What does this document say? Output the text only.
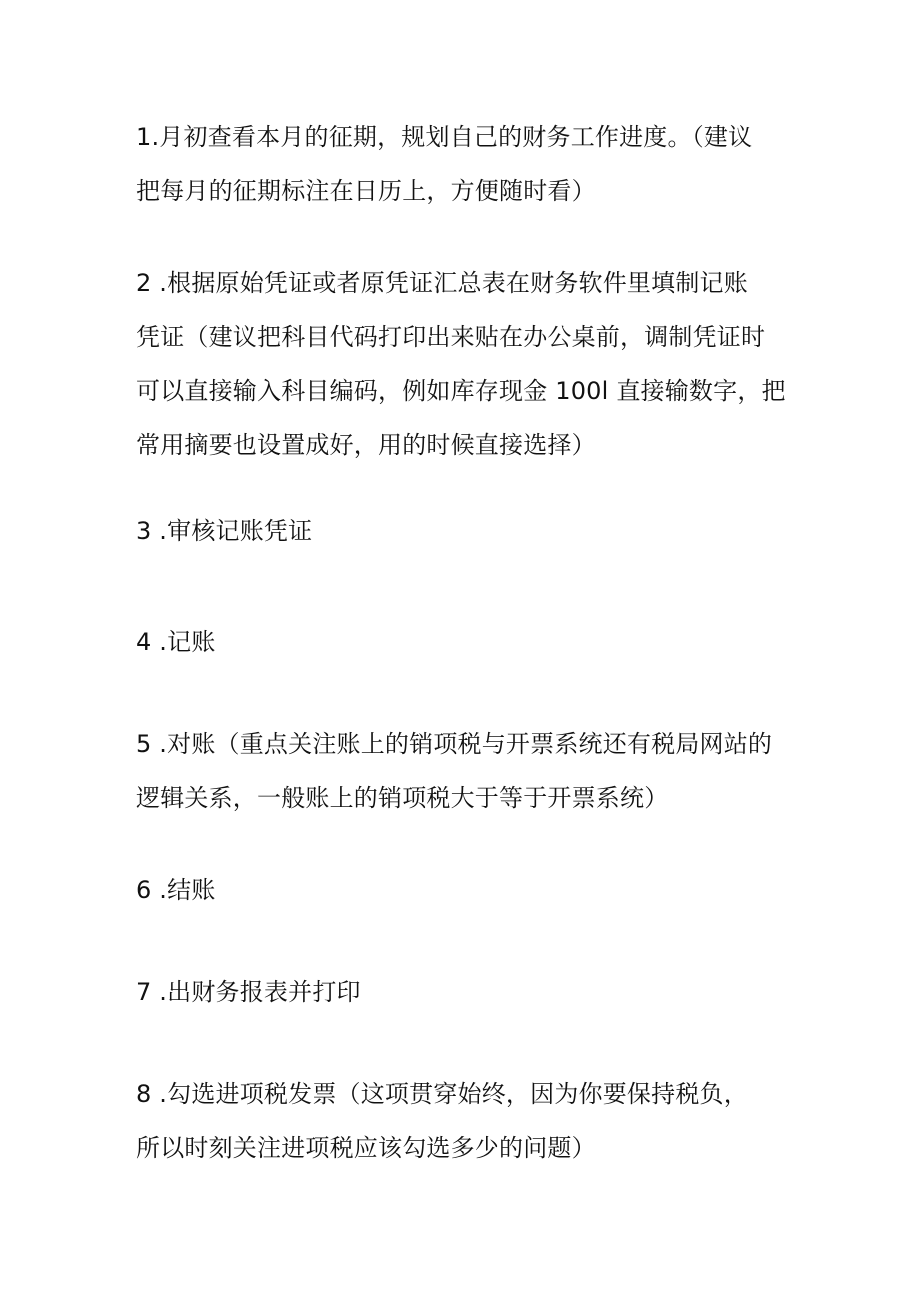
1.月初查看本月的征期，规划自己的财务工作进度。（建议
把每月的征期标注在日历上，方便随时看）
2 .根据原始凭证或者原凭证汇总表在财务软件里填制记账
凭证（建议把科目代码打印出来贴在办公桌前，调制凭证时
可以直接输入科目编码，例如库存现金 100l 直接输数字，把
常用摘要也设置成好，用的时候直接选择）
3 .审核记账凭证
4 .记账
5 .对账（重点关注账上的销项税与开票系统还有税局网站的
逻辑关系，一般账上的销项税大于等于开票系统）
6 .结账
7 .出财务报表并打印
8 .勾选进项税发票（这项贯穿始终，因为你要保持税负，
所以时刻关注进项税应该勾选多少的问题）
